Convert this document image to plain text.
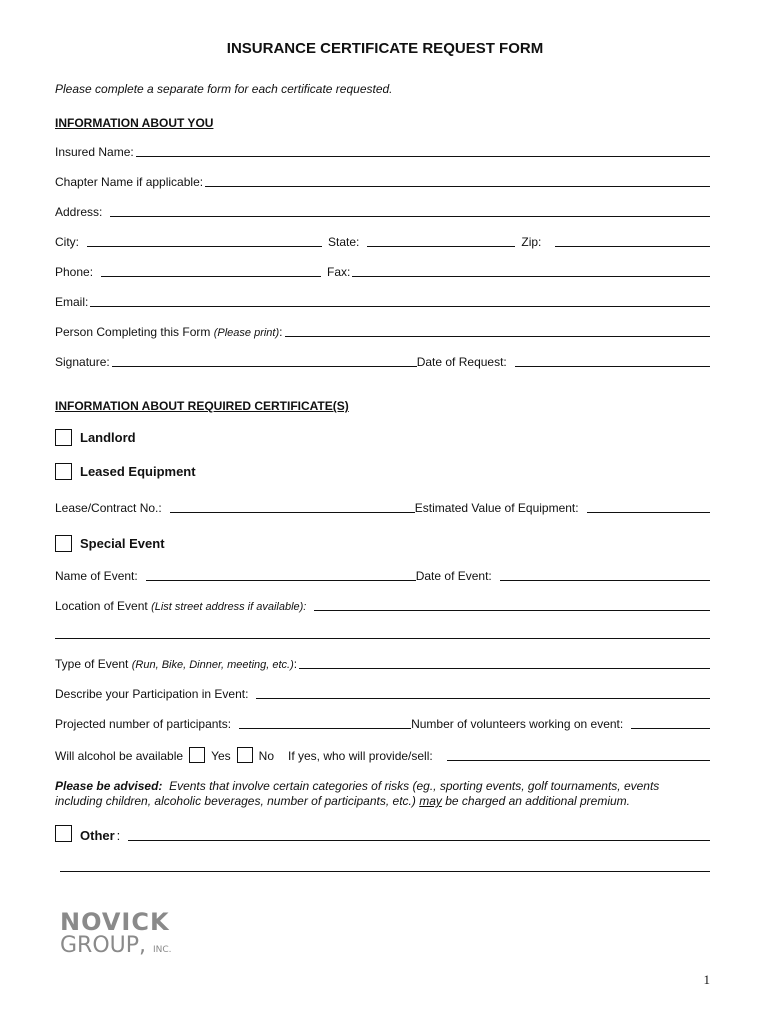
INSURANCE CERTIFICATE REQUEST FORM
Please complete a separate form for each certificate requested.
INFORMATION ABOUT YOU
Insured Name:
Chapter Name if applicable:
Address:
City:	State:	Zip:
Phone:	Fax:
Email:
Person Completing this Form (Please print):
Signature:	Date of Request:
INFORMATION ABOUT REQUIRED CERTIFICATE(S)
Landlord
Leased Equipment
Lease/Contract No.:	Estimated Value of Equipment:
Special Event
Name of Event:	Date of Event:
Location of Event (List street address if available):
Type of Event (Run, Bike, Dinner, meeting, etc.):
Describe your Participation in Event:
Projected number of participants:	Number of volunteers working on event:
Will alcohol be available Yes No If yes, who will provide/sell:
Please be advised: Events that involve certain categories of risks (eg., sporting events, golf tournaments, events including children, alcoholic beverages, number of participants, etc.) may be charged an additional premium.
Other :
NOVICK
GROUP, INC.
1
